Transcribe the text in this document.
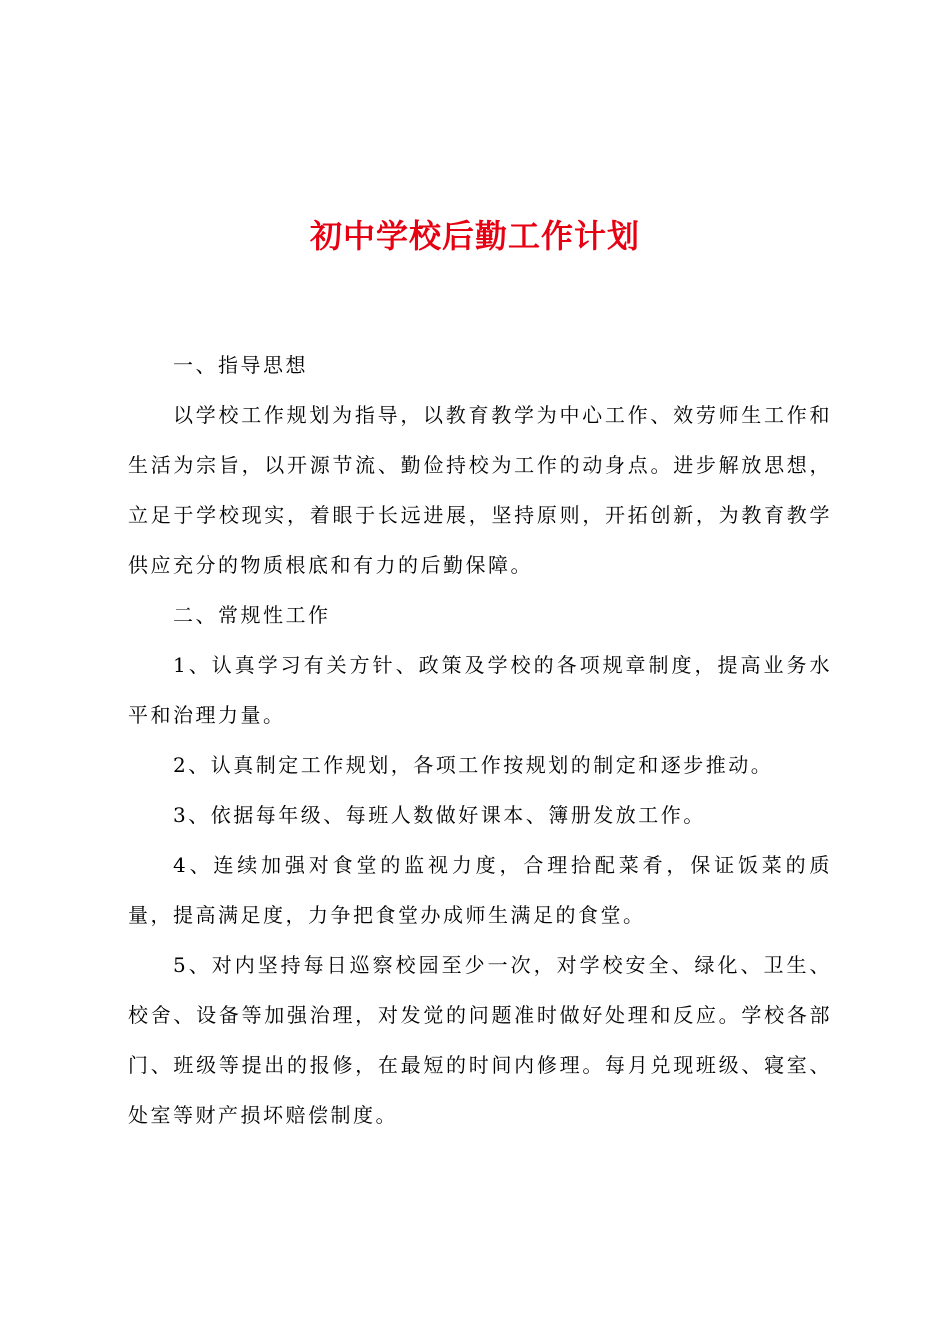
初中学校后勤工作计划

一、指导思想

以学校工作规划为指导，以教育教学为中心工作、效劳师生工作和生活为宗旨，以开源节流、勤俭持校为工作的动身点。进步解放思想，立足于学校现实，着眼于长远进展，坚持原则，开拓创新，为教育教学供应充分的物质根底和有力的后勤保障。

二、常规性工作

1、认真学习有关方针、政策及学校的各项规章制度，提高业务水平和治理力量。

2、认真制定工作规划，各项工作按规划的制定和逐步推动。

3、依据每年级、每班人数做好课本、簿册发放工作。

4、连续加强对食堂的监视力度，合理拾配菜肴，保证饭菜的质量，提高满足度，力争把食堂办成师生满足的食堂。

5、对内坚持每日巡察校园至少一次，对学校安全、绿化、卫生、校舍、设备等加强治理，对发觉的问题准时做好处理和反应。学校各部门、班级等提出的报修，在最短的时间内修理。每月兑现班级、寝室、处室等财产损坏赔偿制度。
